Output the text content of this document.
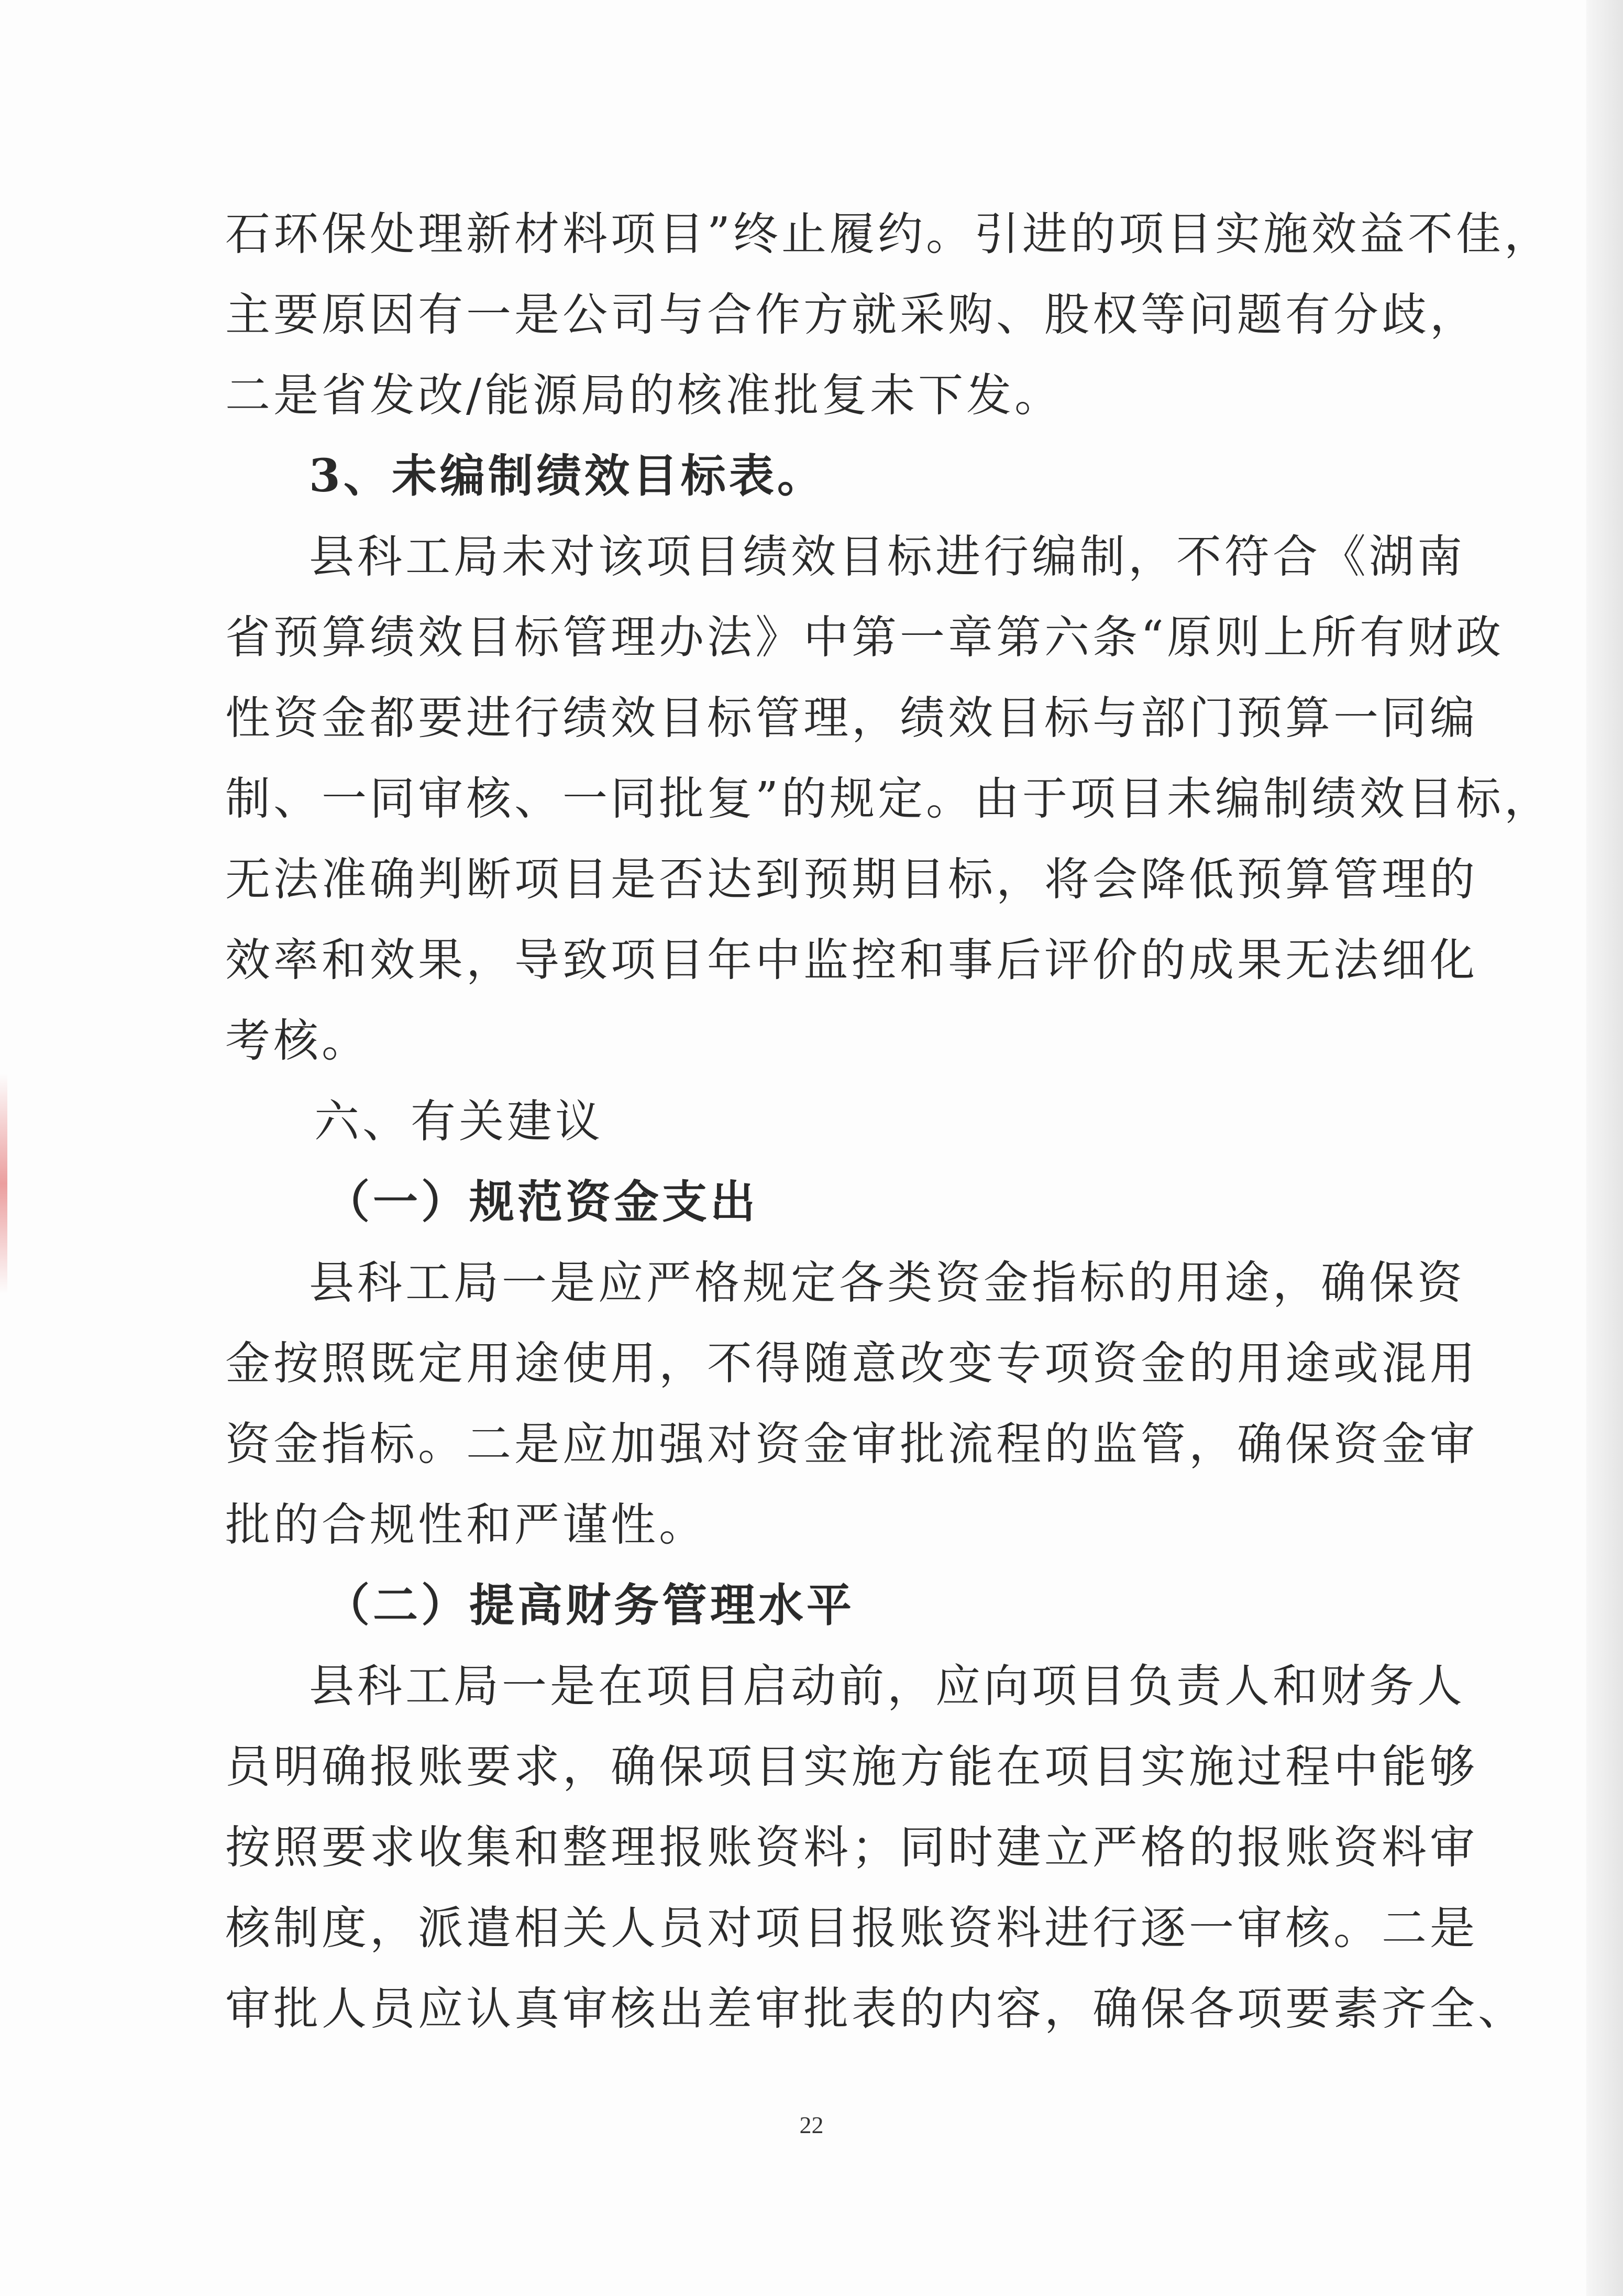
石环保处理新材料项目”终止履约。引进的项目实施效益不佳，
主要原因有一是公司与合作方就采购、股权等问题有分歧，
二是省发改/能源局的核准批复未下发。
3、未编制绩效目标表。
县科工局未对该项目绩效目标进行编制，不符合《湖南
省预算绩效目标管理办法》中第一章第六条“原则上所有财政
性资金都要进行绩效目标管理，绩效目标与部门预算一同编
制、一同审核、一同批复”的规定。由于项目未编制绩效目标，
无法准确判断项目是否达到预期目标，将会降低预算管理的
效率和效果，导致项目年中监控和事后评价的成果无法细化
考核。
六、有关建议
（一）规范资金支出
县科工局一是应严格规定各类资金指标的用途，确保资
金按照既定用途使用，不得随意改变专项资金的用途或混用
资金指标。二是应加强对资金审批流程的监管，确保资金审
批的合规性和严谨性。
（二）提高财务管理水平
县科工局一是在项目启动前，应向项目负责人和财务人
员明确报账要求，确保项目实施方能在项目实施过程中能够
按照要求收集和整理报账资料；同时建立严格的报账资料审
核制度，派遣相关人员对项目报账资料进行逐一审核。二是
审批人员应认真审核出差审批表的内容，确保各项要素齐全、
22
